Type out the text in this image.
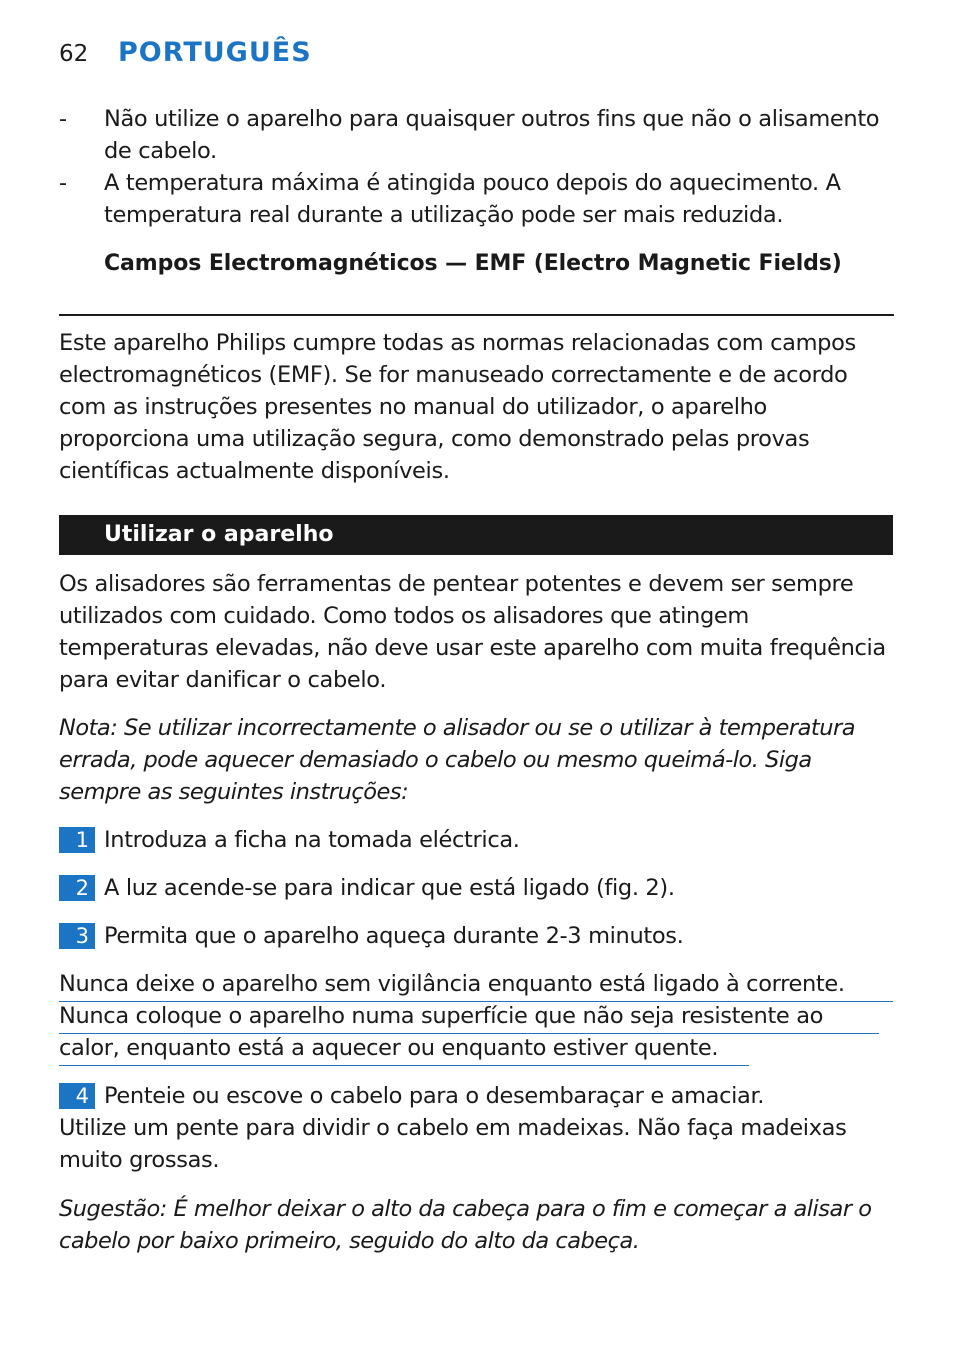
62 PORTUGUÊS
- Não utilize o aparelho para quaisquer outros fins que não o alisamento de cabelo.
- A temperatura máxima é atingida pouco depois do aquecimento. A temperatura real durante a utilização pode ser mais reduzida.
Campos Electromagnéticos — EMF (Electro Magnetic Fields)
Este aparelho Philips cumpre todas as normas relacionadas com campos electromagnéticos (EMF). Se for manuseado correctamente e de acordo com as instruções presentes no manual do utilizador, o aparelho proporciona uma utilização segura, como demonstrado pelas provas científicas actualmente disponíveis.
Utilizar o aparelho
Os alisadores são ferramentas de pentear potentes e devem ser sempre utilizados com cuidado. Como todos os alisadores que atingem temperaturas elevadas, não deve usar este aparelho com muita frequência para evitar danificar o cabelo.
Nota: Se utilizar incorrectamente o alisador ou se o utilizar à temperatura errada, pode aquecer demasiado o cabelo ou mesmo queimá-lo. Siga sempre as seguintes instruções:
1 Introduza a ficha na tomada eléctrica.
2 A luz acende-se para indicar que está ligado (fig. 2).
3 Permita que o aparelho aqueça durante 2-3 minutos.
Nunca deixe o aparelho sem vigilância enquanto está ligado à corrente.
Nunca coloque o aparelho numa superfície que não seja resistente ao
calor, enquanto está a aquecer ou enquanto estiver quente.
4 Penteie ou escove o cabelo para o desembaraçar e amaciar.
Utilize um pente para dividir o cabelo em madeixas. Não faça madeixas muito grossas.
Sugestão: É melhor deixar o alto da cabeça para o fim e começar a alisar o cabelo por baixo primeiro, seguido do alto da cabeça.
